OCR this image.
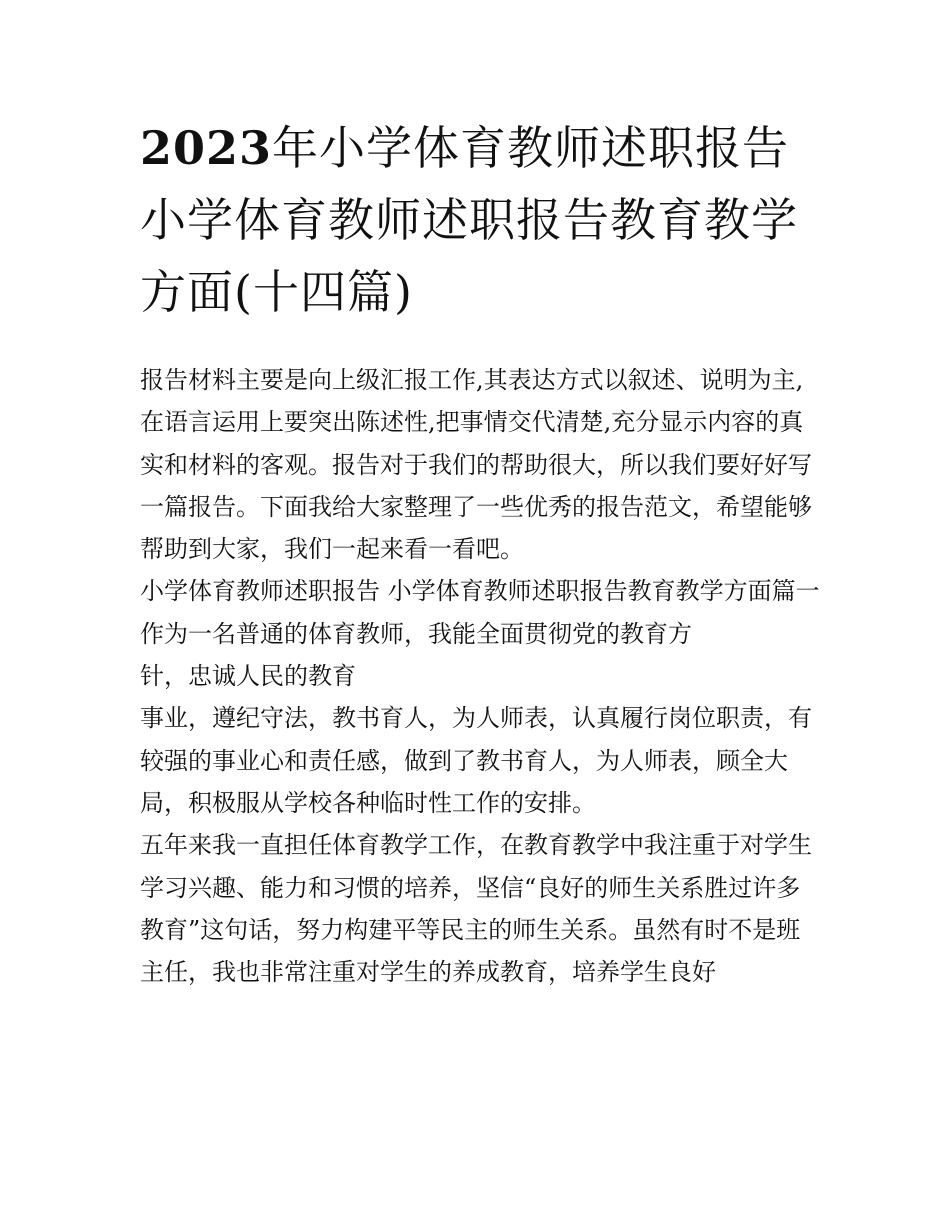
2023年小学体育教师述职报告小学体育教师述职报告教育教学方面(十四篇)

报告材料主要是向上级汇报工作,其表达方式以叙述、说明为主,在语言运用上要突出陈述性,把事情交代清楚,充分显示内容的真实和材料的客观。报告对于我们的帮助很大，所以我们要好好写一篇报告。下面我给大家整理了一些优秀的报告范文，希望能够帮助到大家，我们一起来看一看吧。

小学体育教师述职报告 小学体育教师述职报告教育教学方面篇一 作为一名普通的体育教师，我能全面贯彻党的教育方
针，忠诚人民的教育

事业，遵纪守法，教书育人，为人师表，认真履行岗位职责，有较强的事业心和责任感，做到了教书育人，为人师表，顾全大局，积极服从学校各种临时性工作的安排。

五年来我一直担任体育教学工作，在教育教学中我注重于对学生学习兴趣、能力和习惯的培养，坚信“良好的师生关系胜过许多教育”这句话，努力构建平等民主的师生关系。虽然有时不是班主任，我也非常注重对学生的养成教育，培养学生良好
